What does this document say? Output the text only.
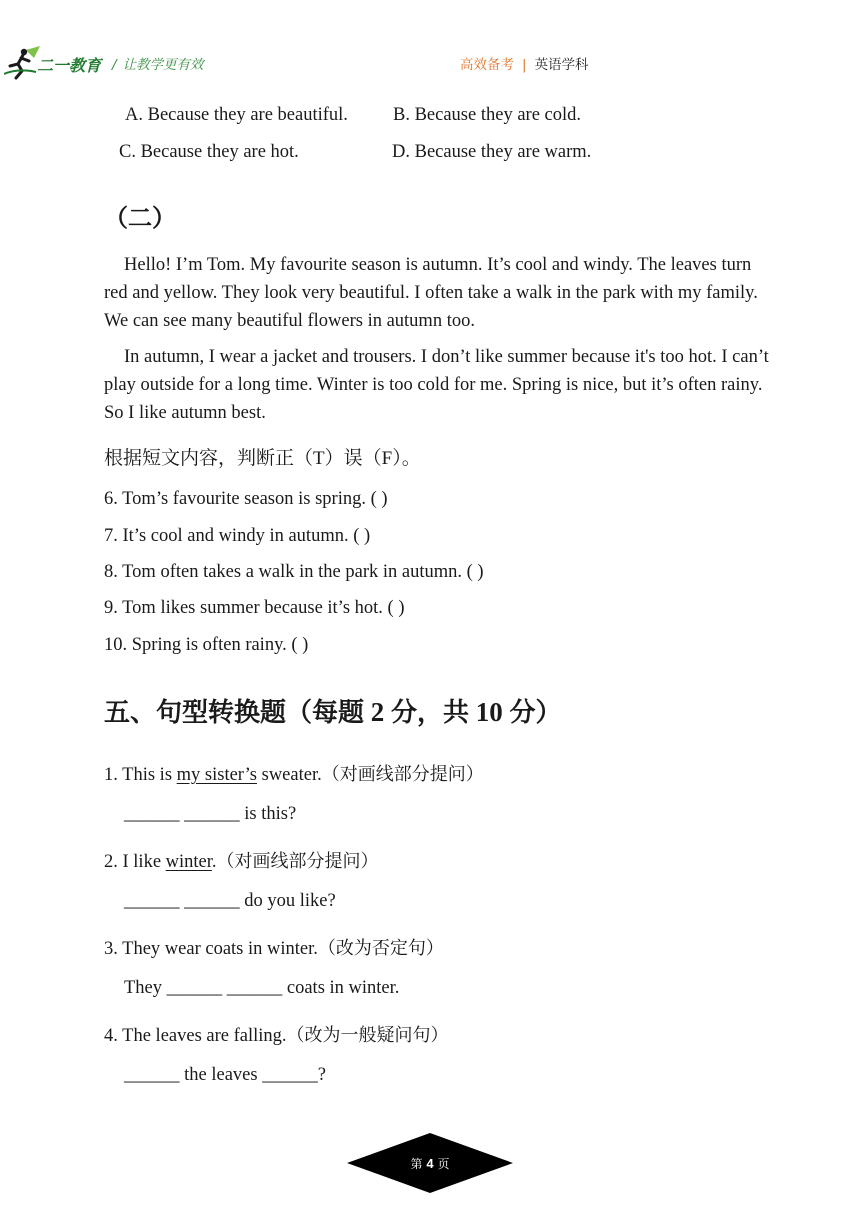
二一教育 / 让教学更有效	高效备考 | 英语学科
A. Because they are beautiful. B. Because they are cold.
C. Because they are hot.	D. Because they are warm.
（二）
Hello! I’m Tom. My favourite season is autumn. It’s cool and windy. The leaves turn red and yellow. They look very beautiful. I often take a walk in the park with my family. We can see many beautiful flowers in autumn too.
In autumn, I wear a jacket and trousers. I don’t like summer because it's too hot. I can’t play outside for a long time. Winter is too cold for me. Spring is nice, but it’s often rainy. So I like autumn best.
根据短文内容，判断正（T）误（F）。
6. Tom’s favourite season is spring. ( )
7. It’s cool and windy in autumn. ( )
8. Tom often takes a walk in the park in autumn. ( )
9. Tom likes summer because it’s hot. ( )
10. Spring is often rainy. ( )
五、句型转换题（每题 2 分，共 10 分）
1. This is my sister’s sweater.（对画线部分提问）
______ ______ is this?
2. I like winter.（对画线部分提问）
______ ______ do you like?
3. They wear coats in winter.（改为否定句）
They ______ ______ coats in winter.
4. The leaves are falling.（改为一般疑问句）
______ the leaves ______?
第 4 页
